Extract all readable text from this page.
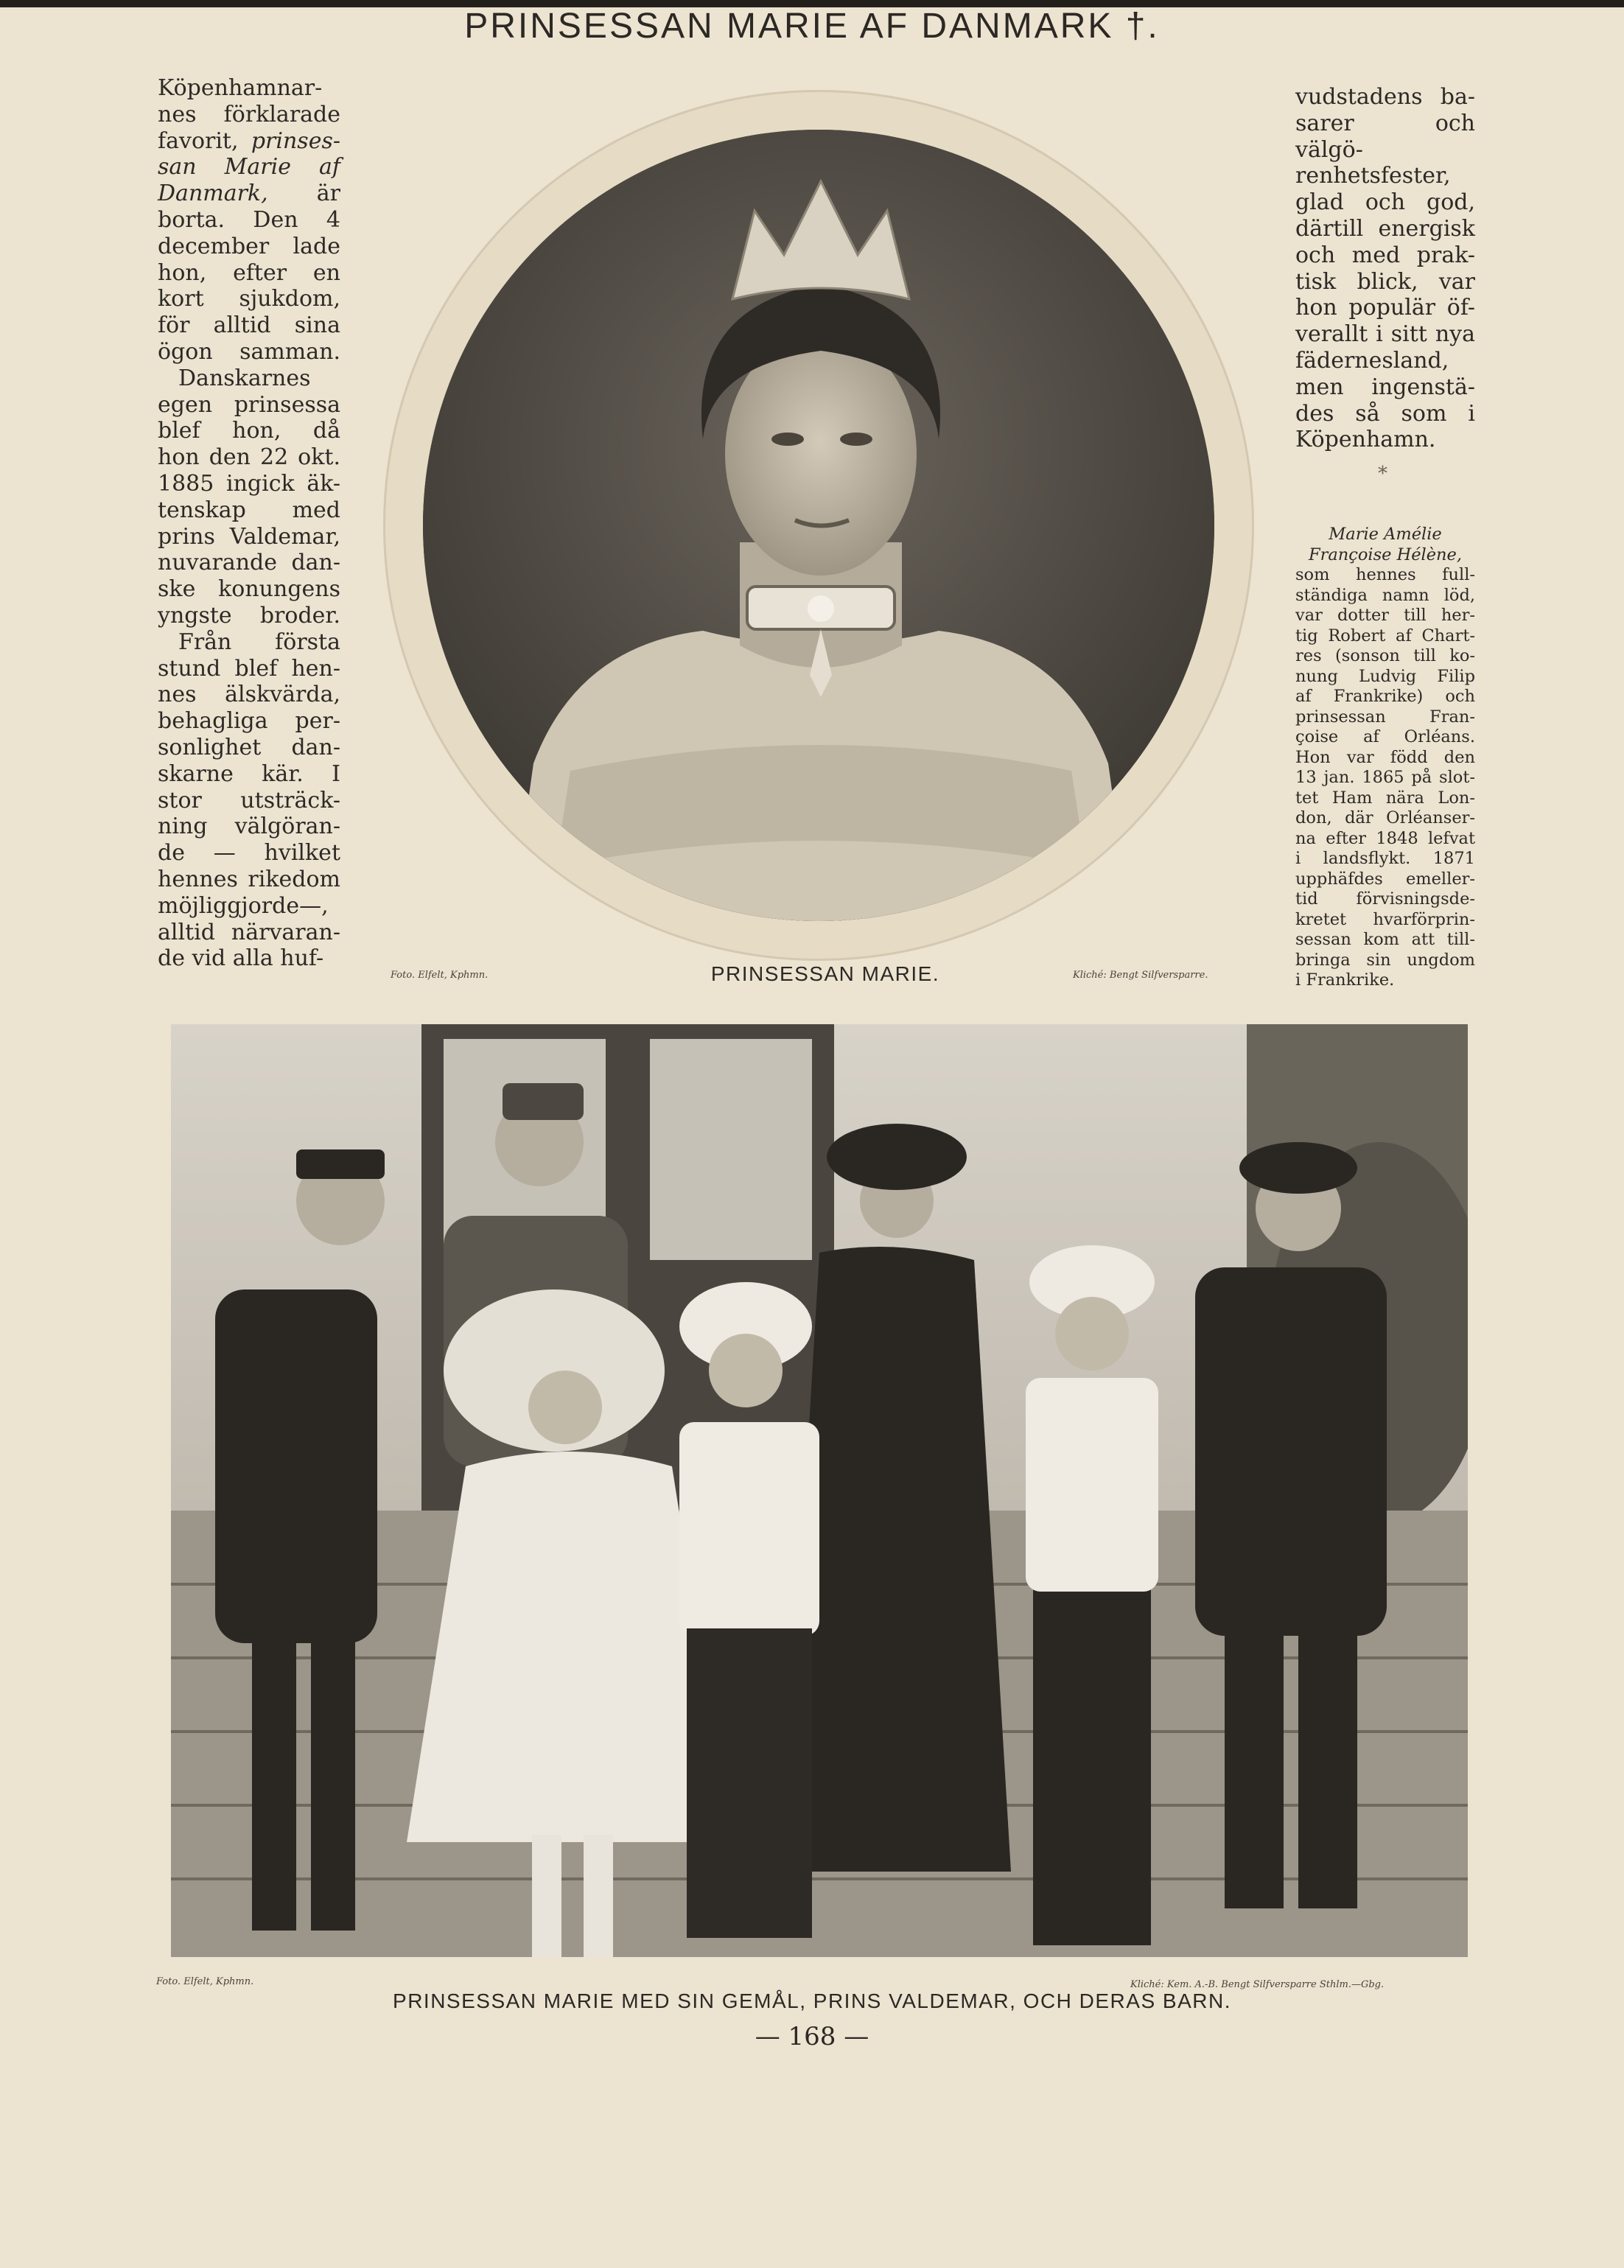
PRINSESSAN MARIE AF DANMARK †.
Köpenhamnar-
nes förklarade
favorit, prinses-
san Marie af
Danmark, är
borta. Den 4
december lade
hon, efter en
kort sjukdom,
för alltid sina
ögon samman.
Danskarnes
egen prinsessa
blef hon, då
hon den 22 okt.
1885 ingick äk-
tenskap med
prins Valdemar,
nuvarande dan-
ske konungens
yngste broder.
Från första
stund blef hen-
nes älskvärda,
behagliga per-
sonlighet dan-
skarne kär. I
stor utsträck-
ning välgöran-
de — hvilket
hennes rikedom
möjliggjorde—,
alltid närvaran-
de vid alla huf-
vudstadens ba-
sarer och välgö-
renhetsfester,
glad och god,
därtill energisk
och med prak-
tisk blick, var
hon populär öf-
verallt i sitt nya
fädernesland,
men ingenstä-
des så som i
Köpenhamn.
*
Marie Amélie
Françoise Hélène,
som hennes full-
ständiga namn löd,
var dotter till her-
tig Robert af Chart-
res (sonson till ko-
nung Ludvig Filip
af Frankrike) och
prinsessan Fran-
çoise af Orléans.
Hon var född den
13 jan. 1865 på slot-
tet Ham nära Lon-
don, där Orléanser-
na efter 1848 lefvat
i landsflykt. 1871
upphäfdes emeller-
tid förvisningsde-
kretet hvarförprin-
sessan kom att till-
bringa sin ungdom
i Frankrike.
Foto. Elfelt, Kphmn.	PRINSESSAN MARIE.	Kliché: Bengt Silfversparre.
Foto. Elfelt, Kphmn.	Kliché: Kem. A.-B. Bengt Silfversparre Sthlm.—Gbg.
PRINSESSAN MARIE MED SIN GEMÅL, PRINS VALDEMAR, OCH DERAS BARN.
— 168 —
